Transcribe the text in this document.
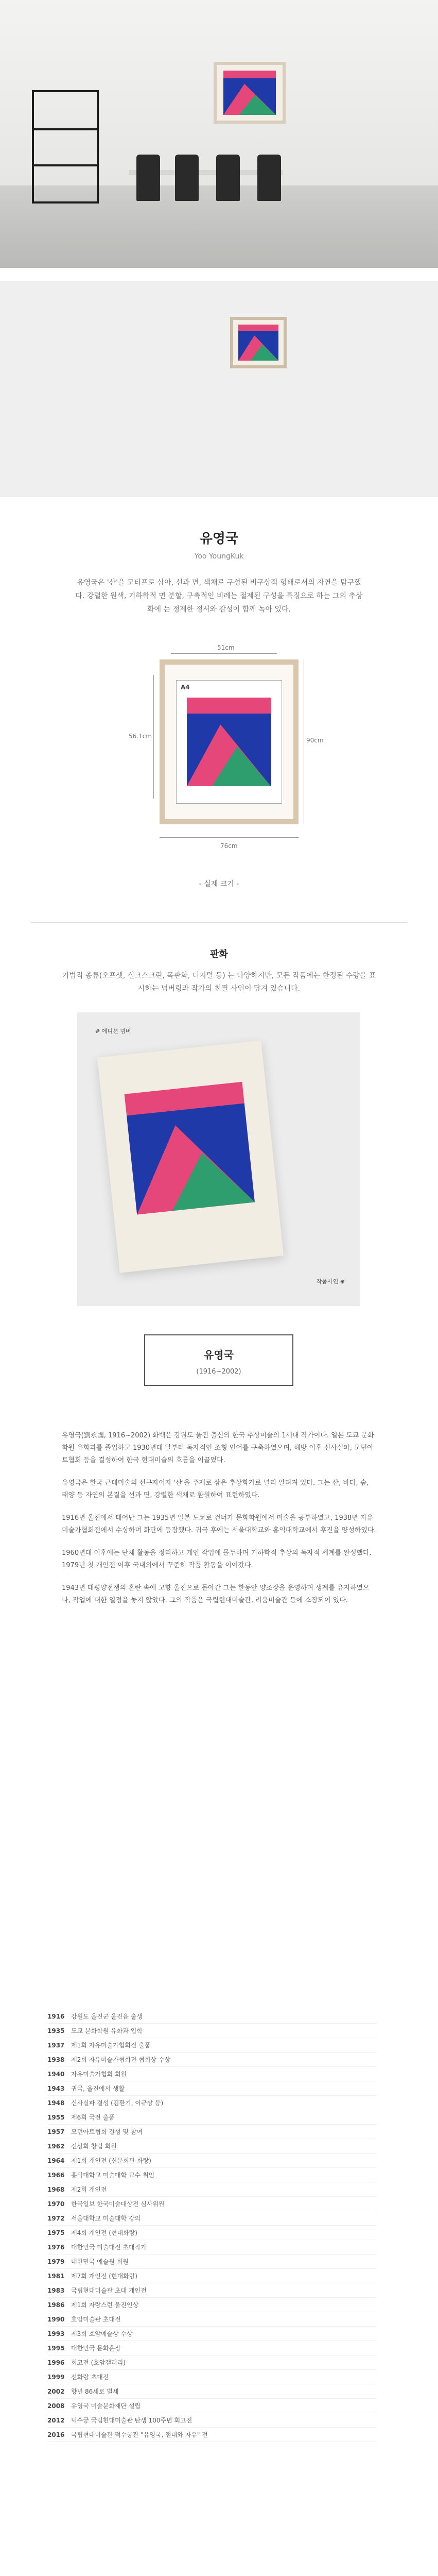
유영국
Yoo YoungKuk
유영국은 '산'을 모티프로 삼아, 선과 면, 색채로 구성된 비구상적 형태로서의 자연을 탐구했다. 강렬한 원색, 기하학적 면 분할, 구축적인 비례는 절제된 구성을 특징으로 하는 그의 추상화에 는 정제한 정서와 감성이 함께 녹아 있다.
51cm
56.1cm
A4
90cm
76cm
- 실제 크기 -
판화
기법적 종류(오프셋, 실크스크린, 목판화, 디지털 등) 는 다양하지만, 모든 작품에는 한정된 수량을 표시하는 넘버링과 작가의 친필 사인이 담겨 있습니다.
# 에디션 넘버
작품사인 ⊕
유영국
(1916~2002)

유영국(劉永國, 1916~2002) 화백은 강원도 울진 출신의 한국 추상미술의 1세대 작가이다. 일본 도쿄 문화학원 유화과를 졸업하고 1930년대 말부터 독자적인 조형 언어를 구축하였으며, 해방 이후 신사실파, 모던아트협회 등을 결성하여 한국 현대미술의 흐름을 이끌었다.

유영국은 한국 근대미술의 선구자이자 '산'을 주제로 삼은 추상화가로 널리 알려져 있다. 그는 산, 바다, 숲, 태양 등 자연의 본질을 선과 면, 강렬한 색채로 환원하여 표현하였다.

1916년 울진에서 태어난 그는 1935년 일본 도쿄로 건너가 문화학원에서 미술을 공부하였고, 1938년 자유미술가협회전에서 수상하며 화단에 등장했다. 귀국 후에는 서울대학교와 홍익대학교에서 후진을 양성하였다.

1960년대 이후에는 단체 활동을 정리하고 개인 작업에 몰두하며 기하학적 추상의 독자적 세계를 완성했다. 1979년 첫 개인전 이후 국내외에서 꾸준히 작품 활동을 이어갔다.

1943년 태평양전쟁의 혼란 속에 고향 울진으로 돌아간 그는 한동안 양조장을 운영하며 생계를 유지하였으나, 작업에 대한 열정을 놓지 않았다. 그의 작품은 국립현대미술관, 리움미술관 등에 소장되어 있다.

1916	강원도 울진군 울진읍 출생
1935	도쿄 문화학원 유화과 입학
1937	제1회 자유미술가협회전 출품
1938	제2회 자유미술가협회전 협회상 수상
1940	자유미술가협회 회원
1943	귀국, 울진에서 생활
1948	신사실파 결성 (김환기, 이규상 등)
1955	제6회 국전 출품
1957	모던아트협회 결성 및 참여
1962	신상회 창립 회원
1964	제1회 개인전 (신문회관 화랑)
1966	홍익대학교 미술대학 교수 취임
1968	제2회 개인전
1970	한국일보 한국미술대상전 심사위원
1972	서울대학교 미술대학 강의
1975	제4회 개인전 (현대화랑)
1976	대한민국 미술대전 초대작가
1979	대한민국 예술원 회원
1981	제7회 개인전 (현대화랑)
1983	국립현대미술관 초대 개인전
1986	제1회 자랑스런 울진인상
1990	호암미술관 초대전
1993	제3회 호암예술상 수상
1995	대한민국 문화훈장
1996	회고전 (호암갤러리)
1999	선화랑 초대전
2002	향년 86세로 별세
2008	유영국 미술문화재단 설립
2012	덕수궁 국립현대미술관 탄생 100주년 회고전
2016	국립현대미술관 덕수궁관 "유영국, 절대와 자유" 전
